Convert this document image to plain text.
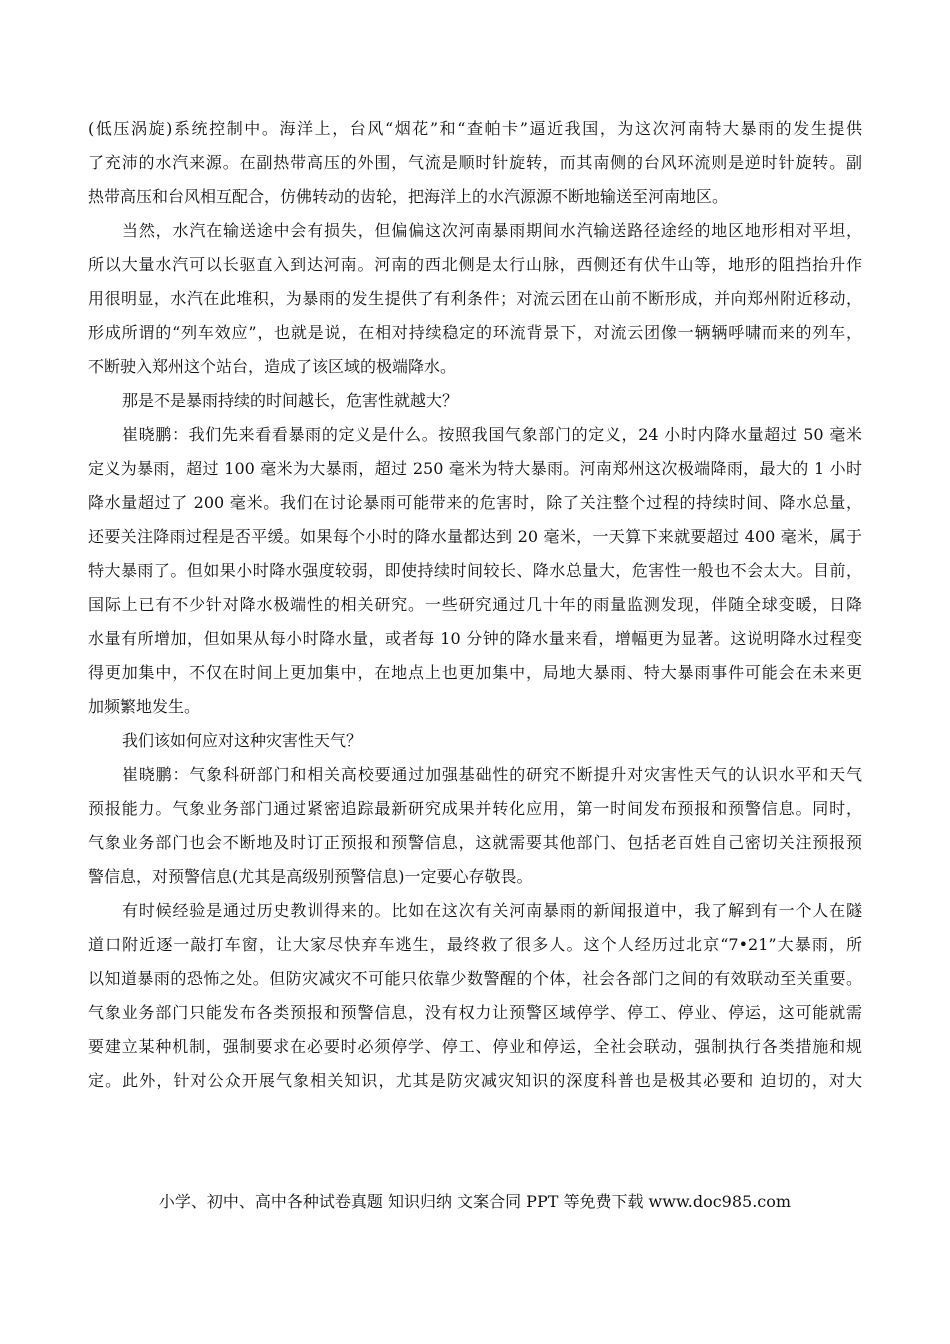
(低压涡旋)系统控制中。海洋上，台风“烟花”和“查帕卡”逼近我国，为这次河南特大暴雨的发生提供
了充沛的水汽来源。在副热带高压的外围，气流是顺时针旋转，而其南侧的台风环流则是逆时针旋转。副
热带高压和台风相互配合，仿佛转动的齿轮，把海洋上的水汽源源不断地输送至河南地区。
当然，水汽在输送途中会有损失，但偏偏这次河南暴雨期间水汽输送路径途经的地区地形相对平坦，
所以大量水汽可以长驱直入到达河南。河南的西北侧是太行山脉，西侧还有伏牛山等，地形的阻挡抬升作
用很明显，水汽在此堆积，为暴雨的发生提供了有利条件；对流云团在山前不断形成，并向郑州附近移动，
形成所谓的“列车效应”，也就是说，在相对持续稳定的环流背景下，对流云团像一辆辆呼啸而来的列车，
不断驶入郑州这个站台，造成了该区域的极端降水。
那是不是暴雨持续的时间越长，危害性就越大？
崔晓鹏：我们先来看看暴雨的定义是什么。按照我国气象部门的定义，24 小时内降水量超过 50 毫米
定义为暴雨，超过 100 毫米为大暴雨，超过 250 毫米为特大暴雨。河南郑州这次极端降雨，最大的 1 小时
降水量超过了 200 毫米。我们在讨论暴雨可能带来的危害时，除了关注整个过程的持续时间、降水总量，
还要关注降雨过程是否平缓。如果每个小时的降水量都达到 20 毫米，一天算下来就要超过 400 毫米，属于
特大暴雨了。但如果小时降水强度较弱，即使持续时间较长、降水总量大，危害性一般也不会太大。目前，
国际上已有不少针对降水极端性的相关研究。一些研究通过几十年的雨量监测发现，伴随全球变暖，日降
水量有所增加，但如果从每小时降水量，或者每 10 分钟的降水量来看，增幅更为显著。这说明降水过程变
得更加集中，不仅在时间上更加集中，在地点上也更加集中，局地大暴雨、特大暴雨事件可能会在未来更
加频繁地发生。
我们该如何应对这种灾害性天气？
崔晓鹏：气象科研部门和相关高校要通过加强基础性的研究不断提升对灾害性天气的认识水平和天气
预报能力。气象业务部门通过紧密追踪最新研究成果并转化应用，第一时间发布预报和预警信息。同时，
气象业务部门也会不断地及时订正预报和预警信息，这就需要其他部门、包括老百姓自己密切关注预报预
警信息，对预警信息(尤其是高级别预警信息)一定要心存敬畏。
有时候经验是通过历史教训得来的。比如在这次有关河南暴雨的新闻报道中，我了解到有一个人在隧
道口附近逐一敲打车窗，让大家尽快弃车逃生，最终救了很多人。这个人经历过北京“7•21”大暴雨，所
以知道暴雨的恐怖之处。但防灾减灾不可能只依靠少数警醒的个体，社会各部门之间的有效联动至关重要。
气象业务部门只能发布各类预报和预警信息，没有权力让预警区域停学、停工、停业、停运，这可能就需
要建立某种机制，强制要求在必要时必须停学、停工、停业和停运，全社会联动，强制执行各类措施和规
定。此外，针对公众开展气象相关知识，尤其是防灾减灾知识的深度科普也是极其必要和 迫切的，对大
小学、初中、高中各种试卷真题 知识归纳 文案合同 PPT 等免费下载 www.doc985.com
